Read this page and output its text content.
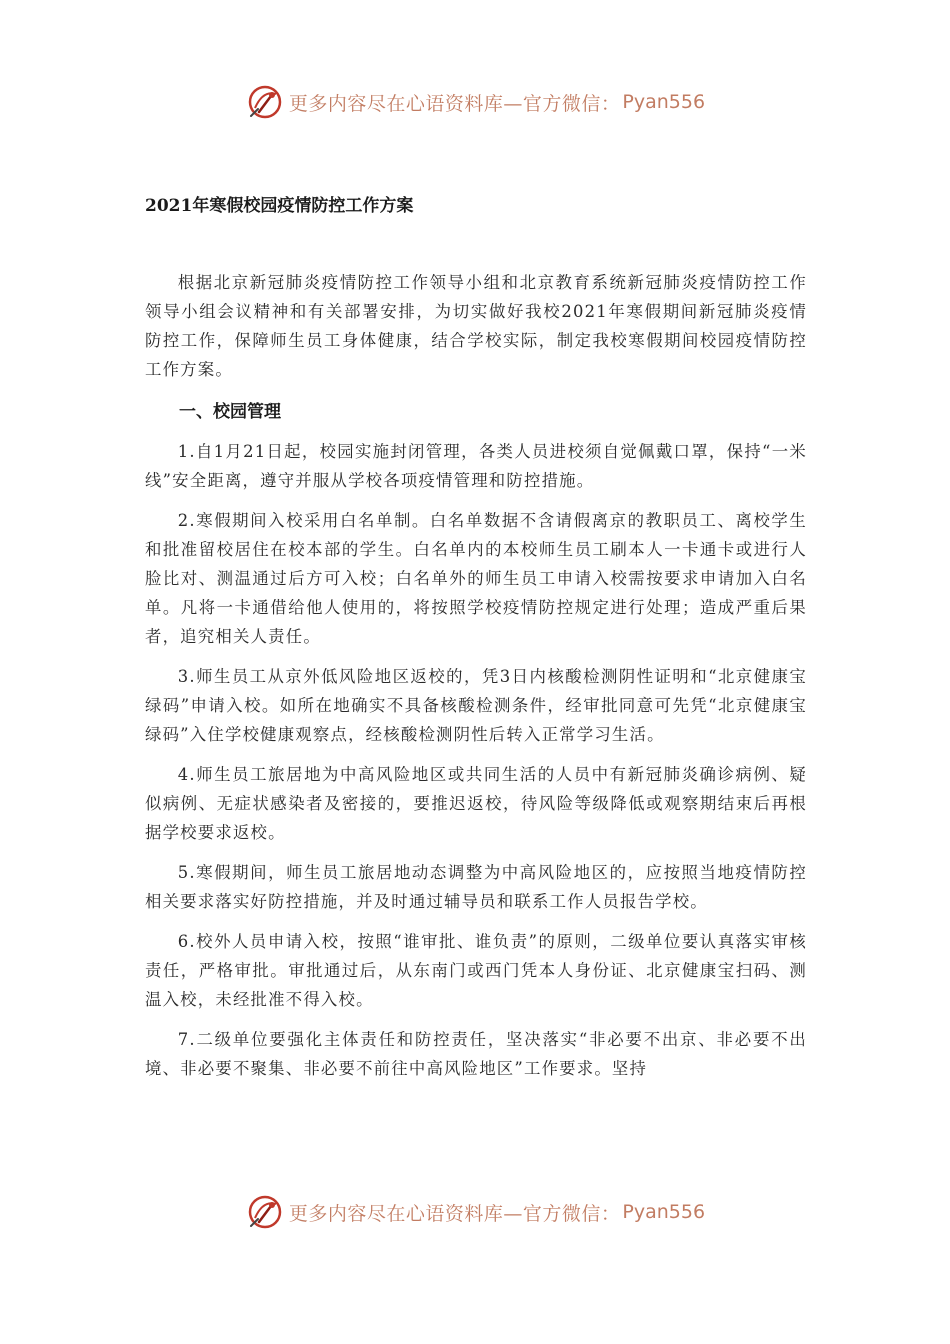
更多内容尽在心语资料库—官方微信： Pyan556
2021年寒假校园疫情防控工作方案

根据北京新冠肺炎疫情防控工作领导小组和北京教育系统新冠肺炎疫情防控工作领导小组会议精神和有关部署安排，为切实做好我校2021年寒假期间新冠肺炎疫情防控工作，保障师生员工身体健康，结合学校实际，制定我校寒假期间校园疫情防控工作方案。

一、校园管理

1.自1月21日起，校园实施封闭管理，各类人员进校须自觉佩戴口罩，保持“一米线”安全距离，遵守并服从学校各项疫情管理和防控措施。

2.寒假期间入校采用白名单制。白名单数据不含请假离京的教职员工、离校学生和批准留校居住在校本部的学生。白名单内的本校师生员工刷本人一卡通卡或进行人脸比对、测温通过后方可入校；白名单外的师生员工申请入校需按要求申请加入白名单。凡将一卡通借给他人使用的，将按照学校疫情防控规定进行处理；造成严重后果者，追究相关人责任。

3.师生员工从京外低风险地区返校的，凭3日内核酸检测阴性证明和“北京健康宝绿码”申请入校。如所在地确实不具备核酸检测条件，经审批同意可先凭“北京健康宝绿码”入住学校健康观察点，经核酸检测阴性后转入正常学习生活。

4.师生员工旅居地为中高风险地区或共同生活的人员中有新冠肺炎确诊病例、疑似病例、无症状感染者及密接的，要推迟返校，待风险等级降低或观察期结束后再根据学校要求返校。

5.寒假期间，师生员工旅居地动态调整为中高风险地区的，应按照当地疫情防控相关要求落实好防控措施，并及时通过辅导员和联系工作人员报告学校。

6.校外人员申请入校，按照“谁审批、谁负责”的原则，二级单位要认真落实审核责任，严格审批。审批通过后，从东南门或西门凭本人身份证、北京健康宝扫码、测温入校，未经批准不得入校。

7.二级单位要强化主体责任和防控责任，坚决落实“非必要不出京、非必要不出境、非必要不聚集、非必要不前往中高风险地区”工作要求。坚持

更多内容尽在心语资料库—官方微信： Pyan556
